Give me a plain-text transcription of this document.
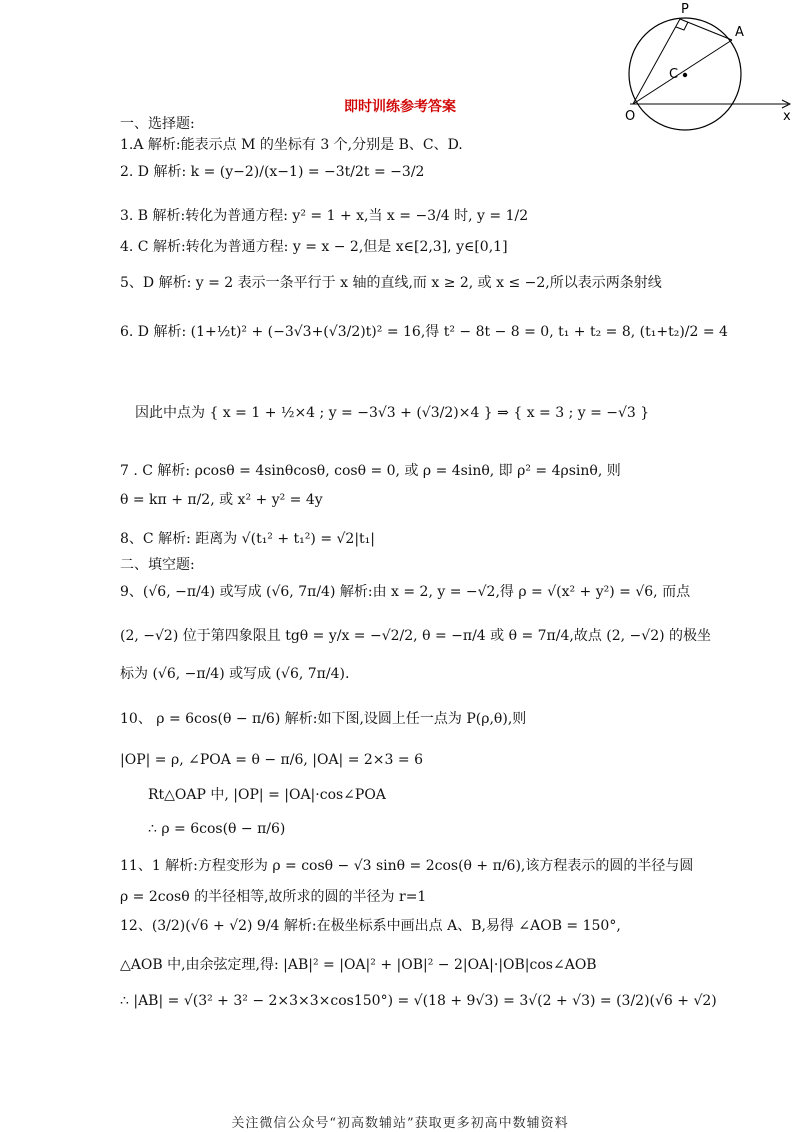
P
A
C
O	x
即时训练参考答案
一、选择题:
1.A 解析:能表示点 M 的坐标有 3 个,分别是 B、C、D.
2. D 解析: k = (y−2)/(x−1) = −3t/2t = −3/2
3. B 解析:转化为普通方程: y² = 1 + x,当 x = −3/4 时, y = 1/2
4. C 解析:转化为普通方程: y = x − 2,但是 x∈[2,3], y∈[0,1]
5、D 解析: y = 2 表示一条平行于 x 轴的直线,而 x ≥ 2, 或 x ≤ −2,所以表示两条射线
6. D 解析: (1+½t)² + (−3√3+(√3/2)t)² = 16,得 t² − 8t − 8 = 0, t₁ + t₂ = 8, (t₁+t₂)/2 = 4
因此中点为 { x = 1 + ½×4 ; y = −3√3 + (√3/2)×4 } ⇒ { x = 3 ; y = −√3 }
7 . C 解析: ρcosθ = 4sinθcosθ, cosθ = 0, 或 ρ = 4sinθ, 即 ρ² = 4ρsinθ, 则
θ = kπ + π/2, 或 x² + y² = 4y
8、C 解析: 距离为 √(t₁² + t₁²) = √2|t₁|
二、填空题:
9、(√6, −π/4) 或写成 (√6, 7π/4) 解析:由 x = 2, y = −√2,得 ρ = √(x² + y²) = √6, 而点
(2, −√2) 位于第四象限且 tgθ = y/x = −√2/2, θ = −π/4 或 θ = 7π/4,故点 (2, −√2) 的极坐
标为 (√6, −π/4) 或写成 (√6, 7π/4).
10、 ρ = 6cos(θ − π/6) 解析:如下图,设圆上任一点为 P(ρ,θ),则
|OP| = ρ, ∠POA = θ − π/6, |OA| = 2×3 = 6
Rt△OAP 中, |OP| = |OA|·cos∠POA
∴ ρ = 6cos(θ − π/6)
11、1 解析:方程变形为 ρ = cosθ − √3 sinθ = 2cos(θ + π/6),该方程表示的圆的半径与圆
ρ = 2cosθ 的半径相等,故所求的圆的半径为 r=1
12、(3/2)(√6 + √2) 9/4 解析:在极坐标系中画出点 A、B,易得 ∠AOB = 150°,
△AOB 中,由余弦定理,得: |AB|² = |OA|² + |OB|² − 2|OA|·|OB|cos∠AOB
∴ |AB| = √(3² + 3² − 2×3×3×cos150°) = √(18 + 9√3) = 3√(2 + √3) = (3/2)(√6 + √2)
关注微信公众号“初高数辅站”获取更多初高中数辅资料
